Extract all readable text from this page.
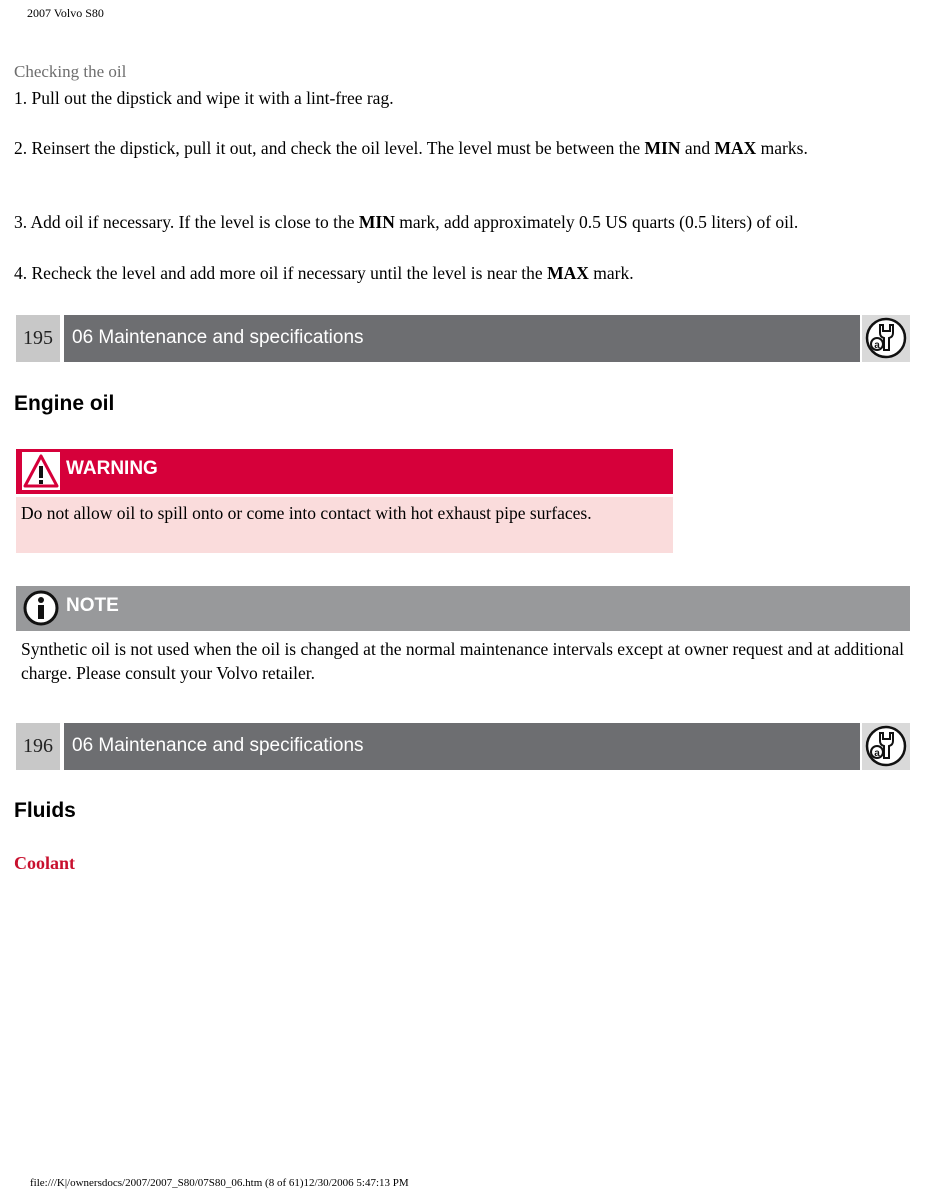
2007 Volvo S80
Checking the oil
1. Pull out the dipstick and wipe it with a lint-free rag.
2. Reinsert the dipstick, pull it out, and check the oil level. The level must be between the MIN and MAX marks.
3. Add oil if necessary. If the level is close to the MIN mark, add approximately 0.5 US quarts (0.5 liters) of oil.
4. Recheck the level and add more oil if necessary until the level is near the MAX mark.
195	06 Maintenance and specifications	a
Engine oil
WARNING
Do not allow oil to spill onto or come into contact with hot exhaust pipe surfaces.
NOTE
Synthetic oil is not used when the oil is changed at the normal maintenance intervals except at owner request and at additional charge. Please consult your Volvo retailer.
196	06 Maintenance and specifications	a
Fluids
Coolant
file:///K|/ownersdocs/2007/2007_S80/07S80_06.htm (8 of 61)12/30/2006 5:47:13 PM
